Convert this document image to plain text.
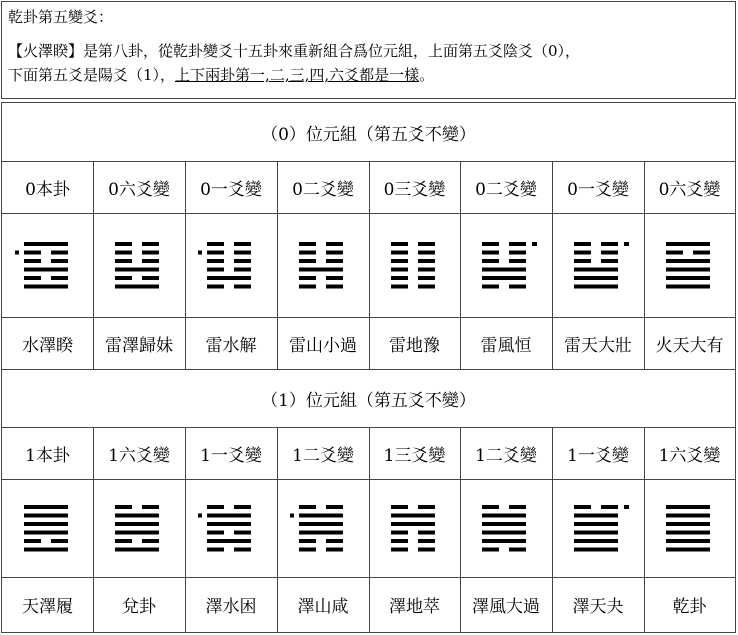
乾卦第五變爻：
【火澤睽】是第八卦，從乾卦變爻十五卦來重新組合爲位元組，上面第五爻陰爻（0），
下面第五爻是陽爻（1），上下兩卦第一,二,三,四,六爻都是一樣。
（0）位元組（第五爻不變）
0本卦
水澤睽
0六爻變
雷澤歸妹
0一爻變
雷水解
0二爻變
雷山小過
0三爻變
雷地豫
0二爻變
雷風恒
0一爻變
雷天大壯
0六爻變
火天大有
（1）位元組（第五爻不變）
1本卦
天澤履
1六爻變
兌卦
1一爻變
澤水困
1二爻變
澤山咸
1三爻變
澤地萃
1二爻變
澤風大過
1一爻變
澤天夬
1六爻變
乾卦
